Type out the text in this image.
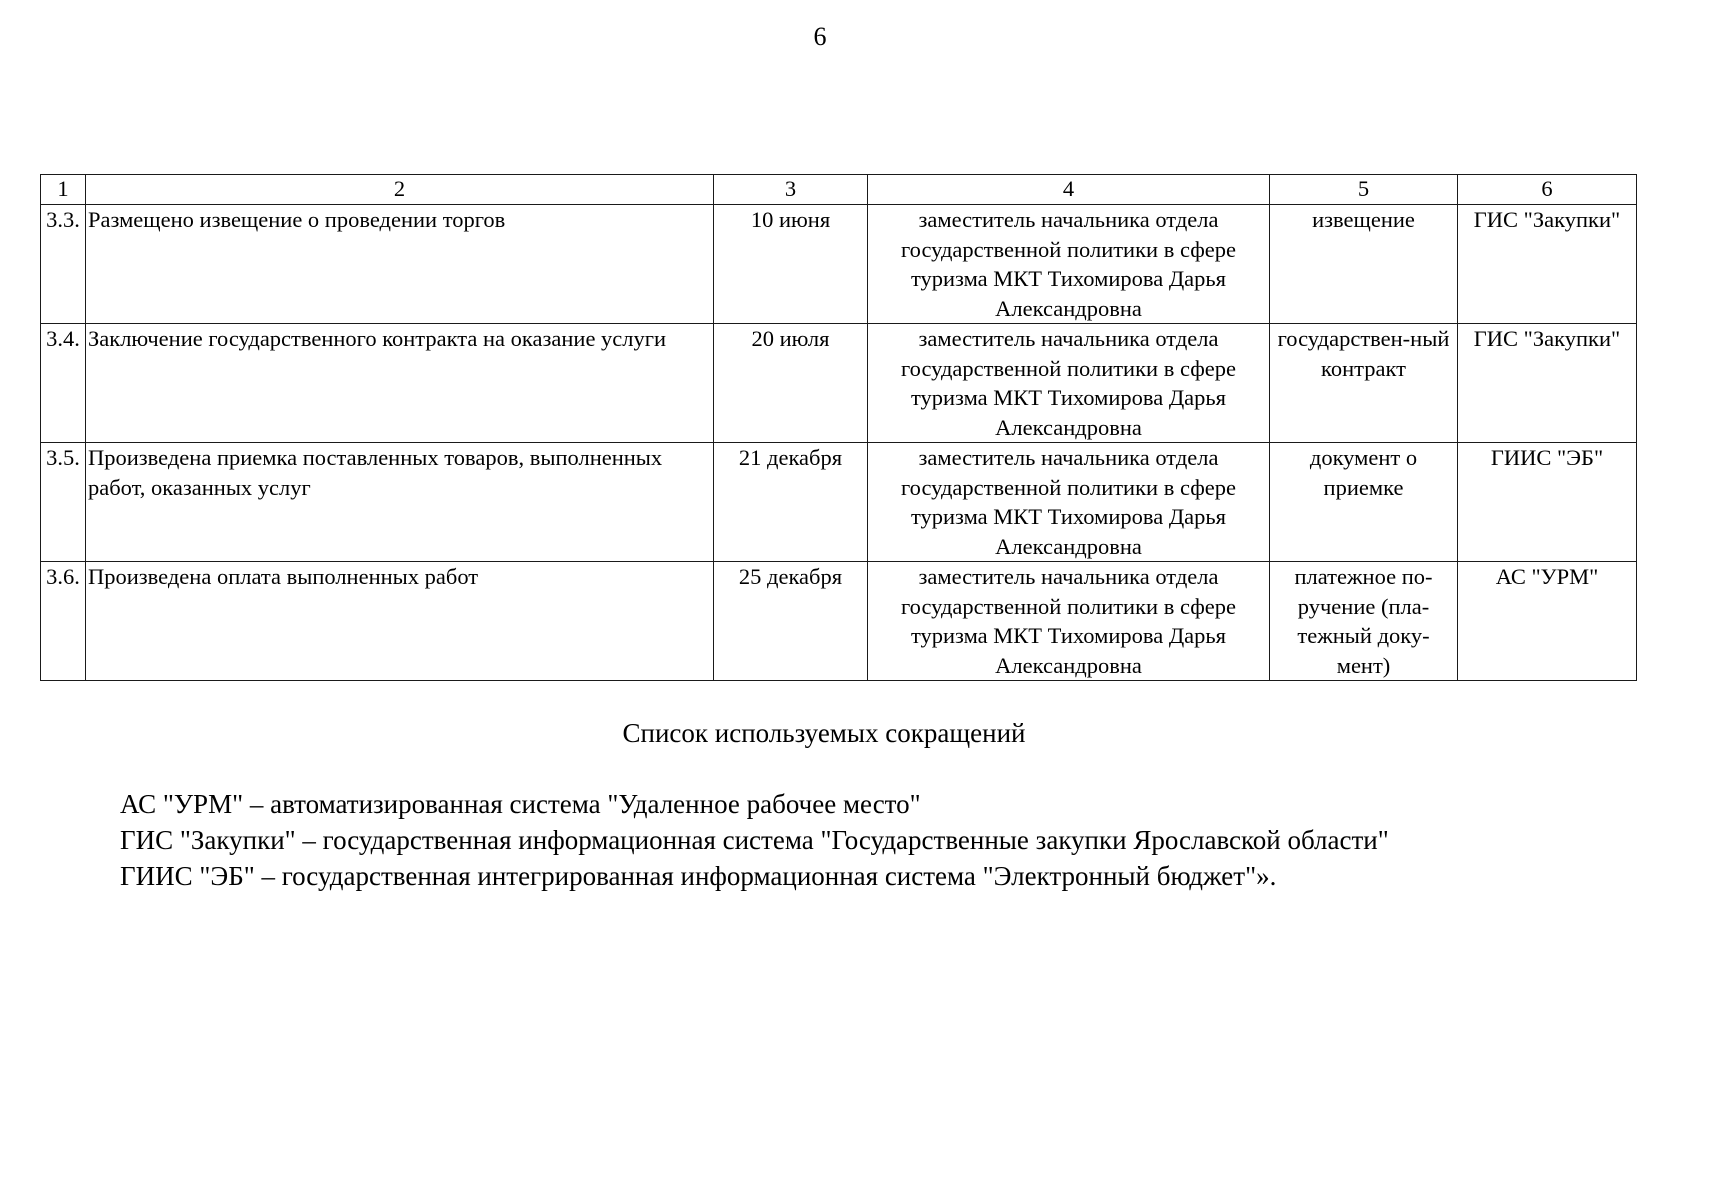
6
1	2	3	4	5	6
3.3.	Размещено извещение о проведении торгов	10 июня	заместитель начальника отдела государственной политики в сфере туризма МКТ Тихомирова Дарья Александровна	извещение	ГИС "Закупки"
3.4.	Заключение государственного контракта на оказание услуги	20 июля	заместитель начальника отдела государственной политики в сфере туризма МКТ Тихомирова Дарья Александровна	государствен-ный контракт	ГИС "Закупки"
3.5.	Произведена приемка поставленных товаров, выполненных работ, оказанных услуг	21 декабря	заместитель начальника отдела государственной политики в сфере туризма МКТ Тихомирова Дарья Александровна	документ о приемке	ГИИС "ЭБ"
3.6.	Произведена оплата выполненных работ	25 декабря	заместитель начальника отдела государственной политики в сфере туризма МКТ Тихомирова Дарья Александровна	платежное по-ручение (пла-тежный доку-мент)	АС "УРМ"
Список используемых сокращений
АС "УРМ" – автоматизированная система "Удаленное рабочее место"
ГИС "Закупки" – государственная информационная система "Государственные закупки Ярославской области"
ГИИС "ЭБ" – государственная интегрированная информационная система "Электронный бюджет"».
